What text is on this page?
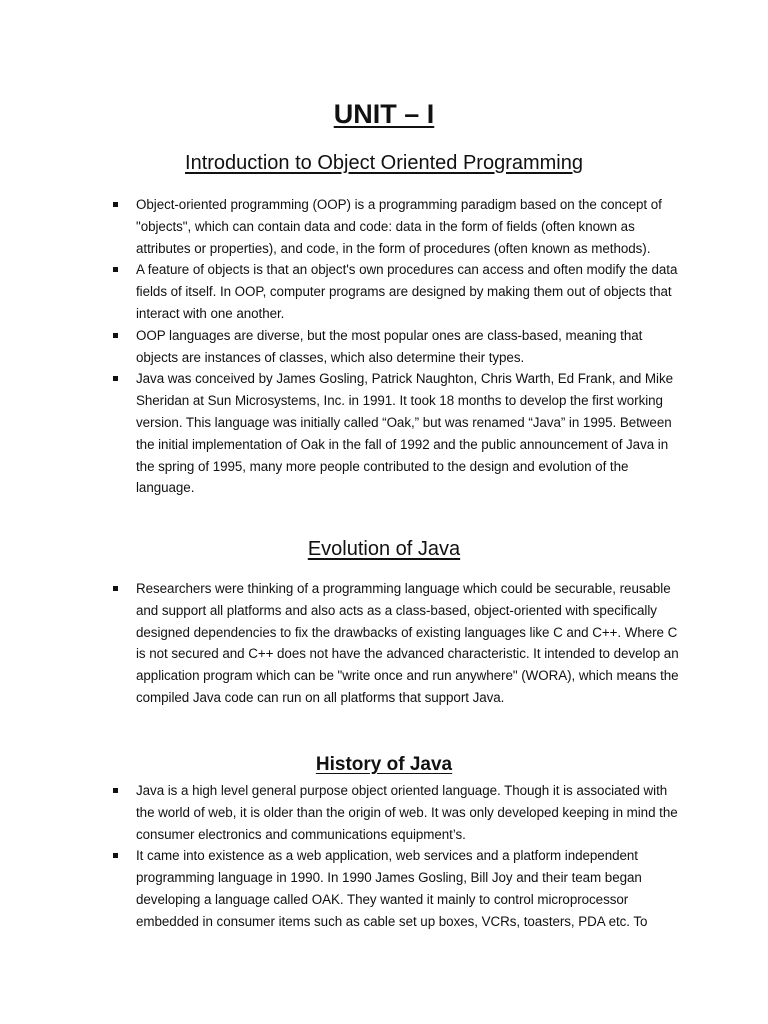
UNIT – I
Introduction to Object Oriented Programming
Object-oriented programming (OOP) is a programming paradigm based on the concept of "objects", which can contain data and code: data in the form of fields (often known as attributes or properties), and code, in the form of procedures (often known as methods).
A feature of objects is that an object's own procedures can access and often modify the data fields of itself. In OOP, computer programs are designed by making them out of objects that interact with one another.
OOP languages are diverse, but the most popular ones are class-based, meaning that objects are instances of classes, which also determine their types.
Java was conceived by James Gosling, Patrick Naughton, Chris Warth, Ed Frank, and Mike Sheridan at Sun Microsystems, Inc. in 1991. It took 18 months to develop the first working version. This language was initially called “Oak,” but was renamed “Java” in 1995. Between the initial implementation of Oak in the fall of 1992 and the public announcement of Java in the spring of 1995, many more people contributed to the design and evolution of the language.
Evolution of Java
Researchers were thinking of a programming language which could be securable, reusable and support all platforms and also acts as a class-based, object-oriented with specifically designed dependencies to fix the drawbacks of existing languages like C and C++. Where C is not secured and C++ does not have the advanced characteristic. It intended to develop an application program which can be "write once and run anywhere" (WORA), which means the compiled Java code can run on all platforms that support Java.
History of Java
Java is a high level general purpose object oriented language. Though it is associated with the world of web, it is older than the origin of web. It was only developed keeping in mind the consumer electronics and communications equipment’s.
It came into existence as a web application, web services and a platform independent programming language in 1990. In 1990 James Gosling, Bill Joy and their team began developing a language called OAK. They wanted it mainly to control microprocessor embedded in consumer items such as cable set up boxes, VCRs, toasters, PDA etc. To
